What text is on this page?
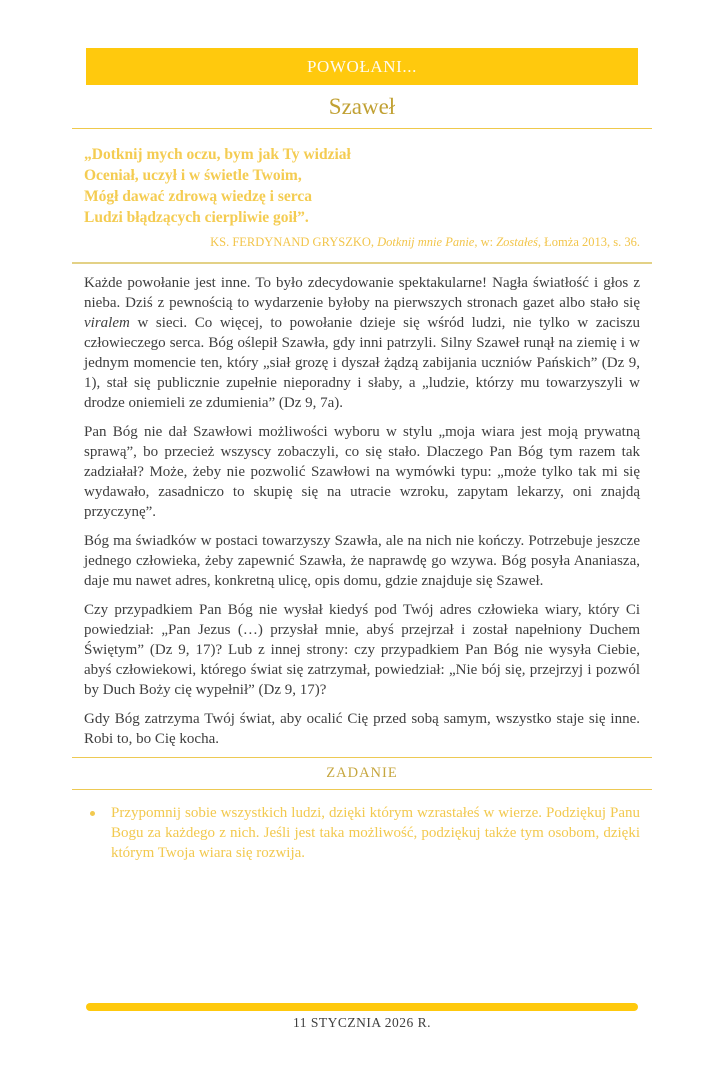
POWOŁANI...
Szaweł

„Dotknij mych oczu, bym jak Ty widział

Oceniał, uczył i w świetle Twoim,

Mógł dawać zdrową wiedzę i serca

Ludzi błądzących cierpliwie goił”.

KS. FERDYNAND GRYSZKO, Dotknij mnie Panie, w: Zostałeś, Łomża 2013, s. 36.

Każde powołanie jest inne. To było zdecydowanie spektakularne! Nagła światłość i głos z nieba. Dziś z pewnością to wydarzenie byłoby na pierwszych stronach gazet albo stało się viralem w sieci. Co więcej, to powołanie dzieje się wśród ludzi, nie tylko w zaciszu człowieczego serca. Bóg oślepił Szawła, gdy inni patrzyli. Silny Szaweł runął na ziemię i w jednym momencie ten, który „siał grozę i dyszał żądzą zabijania uczniów Pańskich” (Dz 9, 1), stał się publicznie zupełnie nieporadny i słaby, a „ludzie, którzy mu towarzyszyli w drodze oniemieli ze zdumienia” (Dz 9, 7a).

Pan Bóg nie dał Szawłowi możliwości wyboru w stylu „moja wiara jest moją prywatną sprawą”, bo przecież wszyscy zobaczyli, co się stało. Dlaczego Pan Bóg tym razem tak zadziałał? Może, żeby nie pozwolić Szawłowi na wymówki typu: „może tylko tak mi się wydawało, zasadniczo to skupię się na utracie wzroku, zapytam lekarzy, oni znajdą przyczynę”.

Bóg ma świadków w postaci towarzyszy Szawła, ale na nich nie kończy. Potrzebuje jeszcze jednego człowieka, żeby zapewnić Szawła, że naprawdę go wzywa. Bóg posyła Ananiasza, daje mu nawet adres, konkretną ulicę, opis domu, gdzie znajduje się Szaweł.

Czy przypadkiem Pan Bóg nie wysłał kiedyś pod Twój adres człowieka wiary, który Ci powiedział: „Pan Jezus (…) przysłał mnie, abyś przejrzał i został napełniony Duchem Świętym” (Dz 9, 17)? Lub z innej strony: czy przypadkiem Pan Bóg nie wysyła Ciebie, abyś człowiekowi, którego świat się zatrzymał, powiedział: „Nie bój się, przejrzyj i pozwól by Duch Boży cię wypełnił” (Dz 9, 17)?

Gdy Bóg zatrzyma Twój świat, aby ocalić Cię przed sobą samym, wszystko staje się inne. Robi to, bo Cię kocha.

ZADANIE
Przypomnij sobie wszystkich ludzi, dzięki którym wzrastałeś w wierze. Podziękuj Panu Bogu za każdego z nich. Jeśli jest taka możliwość, podziękuj także tym osobom, dzięki którym Twoja wiara się rozwija.
11 STYCZNIA 2026 R.
